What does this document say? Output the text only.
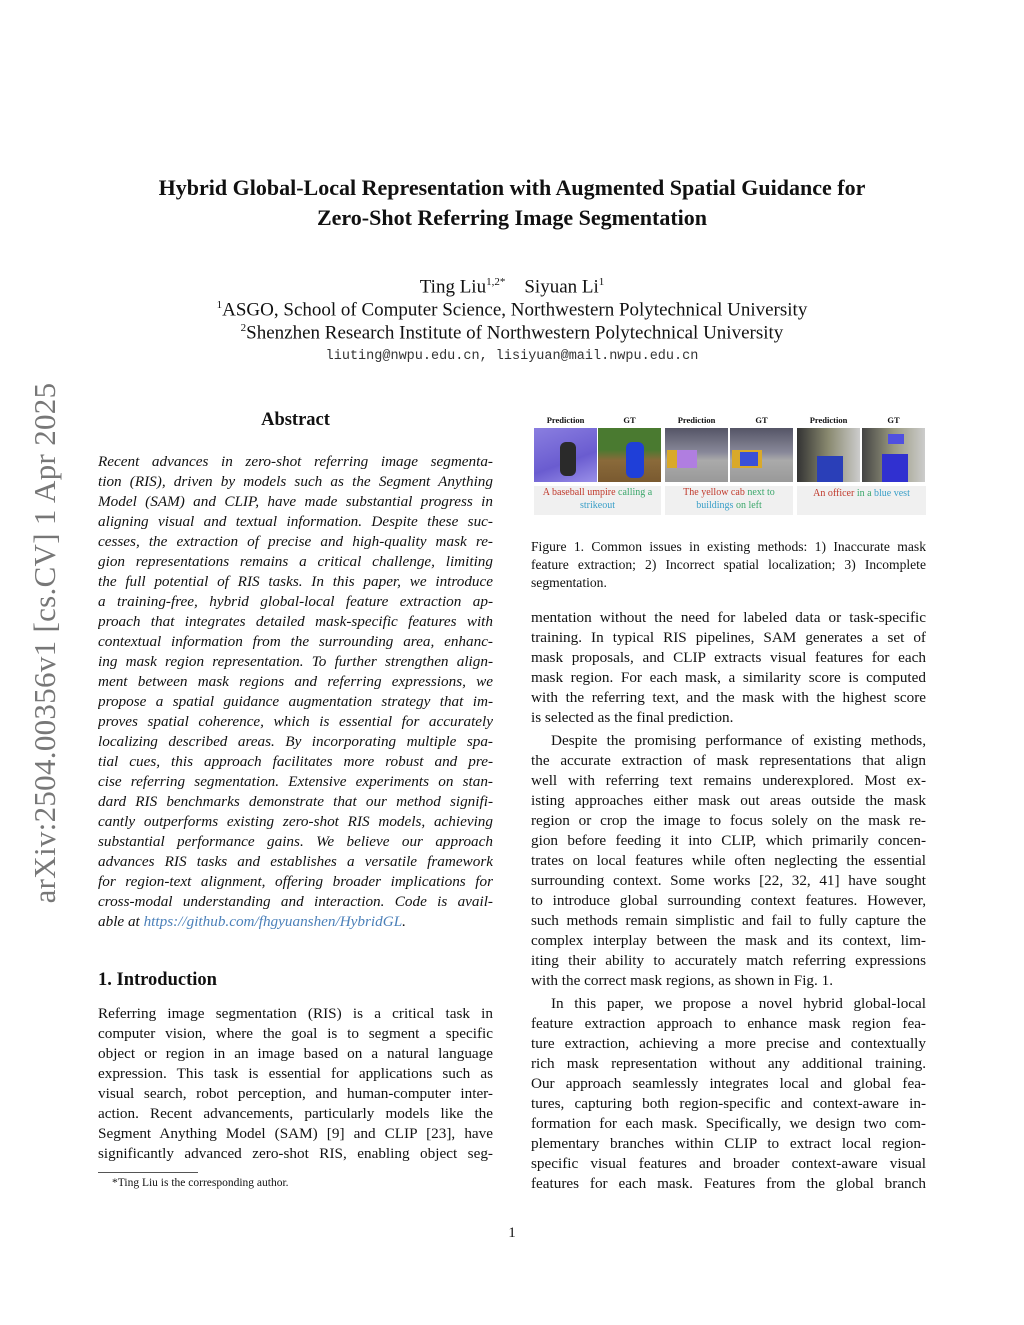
arXiv:2504.00356v1 [cs.CV] 1 Apr 2025
Hybrid Global-Local Representation with Augmented Spatial Guidance for
Zero-Shot Referring Image Segmentation
Ting Liu$^{1,2*}$ Siyuan Li$^1$
$^1$ASGO, School of Computer Science, Northwestern Polytechnical University
$^2$Shenzhen Research Institute of Northwestern Polytechnical University
liuting@nwpu.edu.cn, lisiyuan@mail.nwpu.edu.cn
Abstract
Recent advances in zero-shot referring image segmenta-
tion (RIS), driven by models such as the Segment Anything
Model (SAM) and CLIP, have made substantial progress in
aligning visual and textual information. Despite these suc-
cesses, the extraction of precise and high-quality mask re-
gion representations remains a critical challenge, limiting
the full potential of RIS tasks. In this paper, we introduce
a training-free, hybrid global-local feature extraction ap-
proach that integrates detailed mask-specific features with
contextual information from the surrounding area, enhanc-
ing mask region representation. To further strengthen align-
ment between mask regions and referring expressions, we
propose a spatial guidance augmentation strategy that im-
proves spatial coherence, which is essential for accurately
localizing described areas. By incorporating multiple spa-
tial cues, this approach facilitates more robust and pre-
cise referring segmentation. Extensive experiments on stan-
dard RIS benchmarks demonstrate that our method signifi-
cantly outperforms existing zero-shot RIS models, achieving
substantial performance gains. We believe our approach
advances RIS tasks and establishes a versatile framework
for region-text alignment, offering broader implications for
cross-modal understanding and interaction. Code is avail-
able at https://github.com/fhgyuanshen/HybridGL.
1. Introduction
Referring image segmentation (RIS) is a critical task in
computer vision, where the goal is to segment a specific
object or region in an image based on a natural language
expression. This task is essential for applications such as
visual search, robot perception, and human-computer inter-
action. Recent advancements, particularly models like the
Segment Anything Model (SAM) [9] and CLIP [23], have
significantly advanced zero-shot RIS, enabling object seg-
*Ting Liu is the corresponding author.
Prediction	GT	Prediction	GT	Prediction	GT
A baseball umpire calling a strikeout
The yellow cab next to buildings on left
An officer in a blue vest
Figure 1. Common issues in existing methods: 1) Inaccurate mask
feature extraction; 2) Incorrect spatial localization; 3) Incomplete
segmentation.
mentation without the need for labeled data or task-specific
training. In typical RIS pipelines, SAM generates a set of
mask proposals, and CLIP extracts visual features for each
mask region. For each mask, a similarity score is computed
with the referring text, and the mask with the highest score
is selected as the final prediction.
Despite the promising performance of existing methods,
the accurate extraction of mask representations that align
well with referring text remains underexplored. Most ex-
isting approaches either mask out areas outside the mask
region or crop the image to focus solely on the mask re-
gion before feeding it into CLIP, which primarily concen-
trates on local features while often neglecting the essential
surrounding context. Some works [22, 32, 41] have sought
to introduce global surrounding context features. However,
such methods remain simplistic and fail to fully capture the
complex interplay between the mask and its context, lim-
iting their ability to accurately match referring expressions
with the correct mask regions, as shown in Fig. 1.
In this paper, we propose a novel hybrid global-local
feature extraction approach to enhance mask region fea-
ture extraction, achieving a more precise and contextually
rich mask representation without any additional training.
Our approach seamlessly integrates local and global fea-
tures, capturing both region-specific and context-aware in-
formation for each mask. Specifically, we design two com-
plementary branches within CLIP to extract local region-
specific visual features and broader context-aware visual
features for each mask. Features from the global branch
1
